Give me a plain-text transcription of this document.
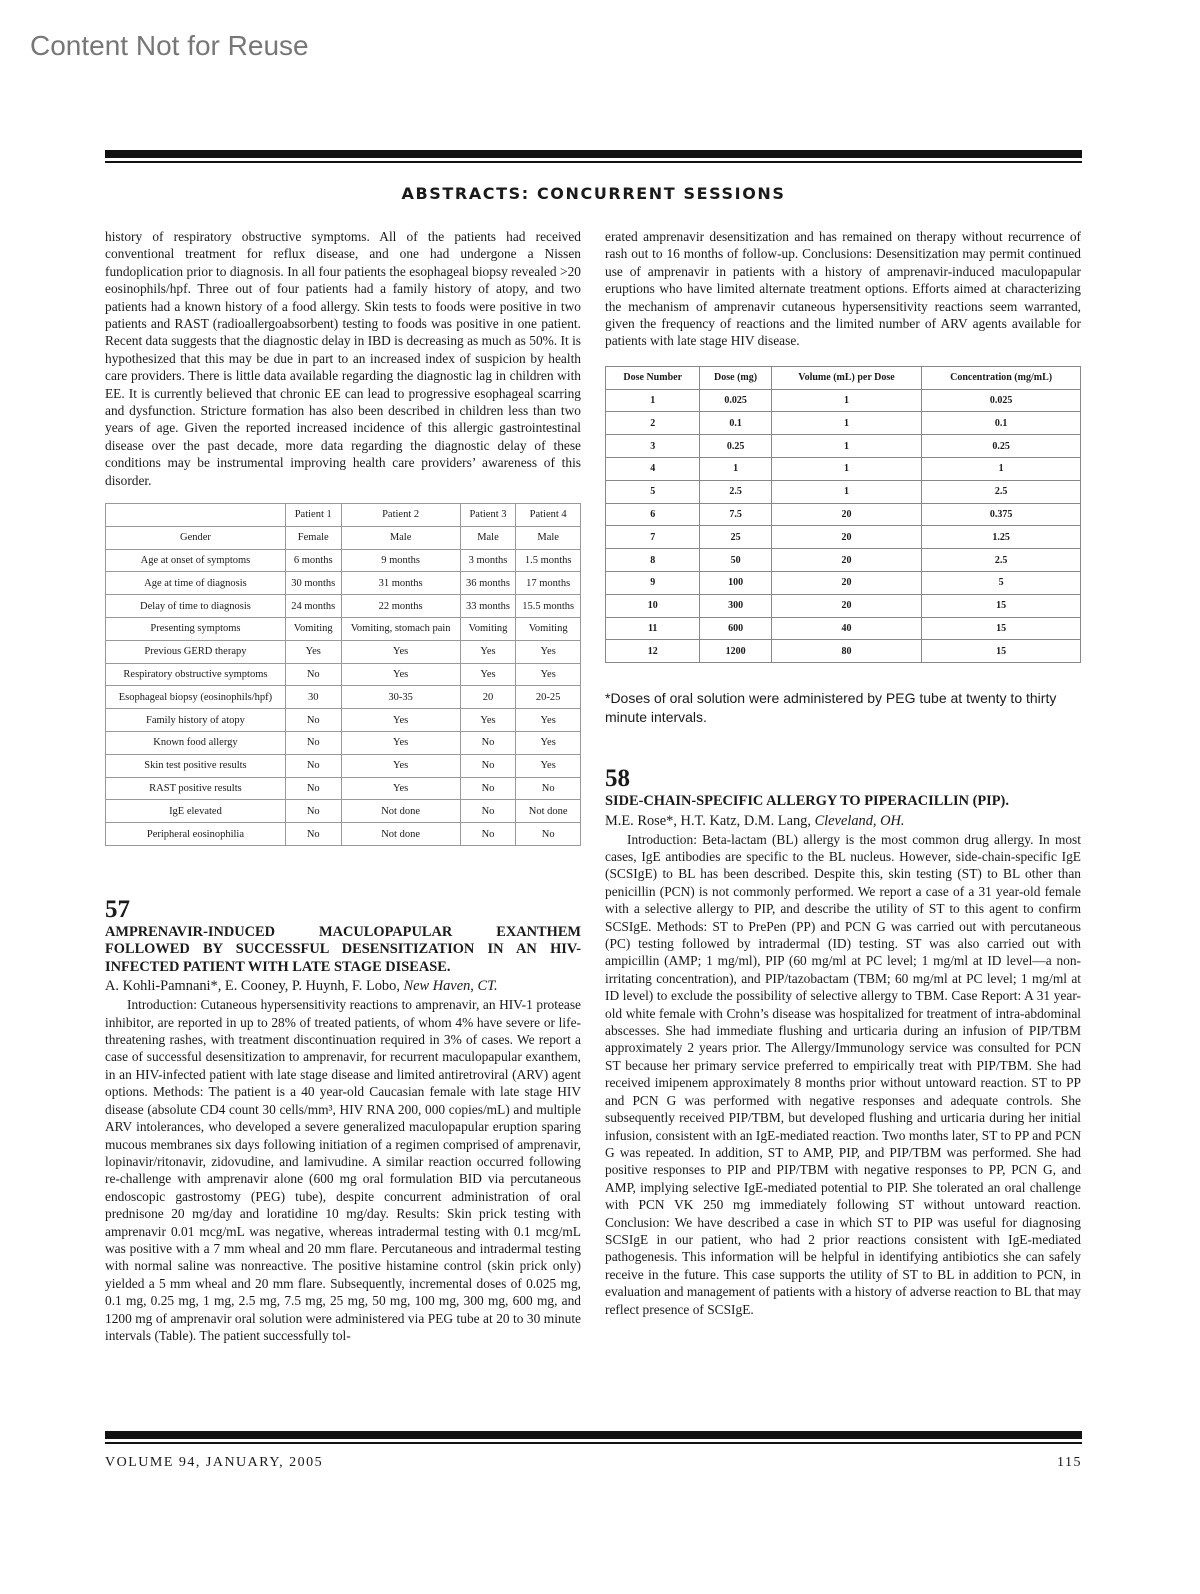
Content Not for Reuse
ABSTRACTS: CONCURRENT SESSIONS

history of respiratory obstructive symptoms. All of the patients had received conventional treatment for reflux disease, and one had undergone a Nissen fundoplication prior to diagnosis. In all four patients the esophageal biopsy revealed >20 eosinophils/hpf. Three out of four patients had a family history of atopy, and two patients had a known history of a food allergy. Skin tests to foods were positive in two patients and RAST (radioallergoabsorbent) testing to foods was positive in one patient. Recent data suggests that the diagnostic delay in IBD is decreasing as much as 50%. It is hypothesized that this may be due in part to an increased index of suspicion by health care providers. There is little data available regarding the diagnostic lag in children with EE. It is currently believed that chronic EE can lead to progressive esophageal scarring and dysfunction. Stricture formation has also been described in children less than two years of age. Given the reported increased incidence of this allergic gastrointestinal disease over the past decade, more data regarding the diagnostic delay of these conditions may be instrumental improving health care providers’ awareness of this disorder.

	Patient 1	Patient 2	Patient 3	Patient 4
Gender	Female	Male	Male	Male
Age at onset of symptoms	6 months	9 months	3 months	1.5 months
Age at time of diagnosis	30 months	31 months	36 months	17 months
Delay of time to diagnosis	24 months	22 months	33 months	15.5 months
Presenting symptoms	Vomiting	Vomiting, stomach pain	Vomiting	Vomiting
Previous GERD therapy	Yes	Yes	Yes	Yes
Respiratory obstructive symptoms	No	Yes	Yes	Yes
Esophageal biopsy (eosinophils/hpf)	30	30-35	20	20-25
Family history of atopy	No	Yes	Yes	Yes
Known food allergy	No	Yes	No	Yes
Skin test positive results	No	Yes	No	Yes
RAST positive results	No	Yes	No	No
IgE elevated	No	Not done	No	Not done
Peripheral eosinophilia	No	Not done	No	No

57

AMPRENAVIR-INDUCED MACULOPAPULAR EXANTHEM FOLLOWED BY SUCCESSFUL DESENSITIZATION IN AN HIV-INFECTED PATIENT WITH LATE STAGE DISEASE.

A. Kohli-Pamnani*, E. Cooney, P. Huynh, F. Lobo, New Haven, CT.

Introduction: Cutaneous hypersensitivity reactions to amprenavir, an HIV-1 protease inhibitor, are reported in up to 28% of treated patients, of whom 4% have severe or life-threatening rashes, with treatment discontinuation required in 3% of cases. We report a case of successful desensitization to amprenavir, for recurrent maculopapular exanthem, in an HIV-infected patient with late stage disease and limited antiretroviral (ARV) agent options. Methods: The patient is a 40 year-old Caucasian female with late stage HIV disease (absolute CD4 count 30 cells/mm³, HIV RNA 200, 000 copies/mL) and multiple ARV intolerances, who developed a severe generalized maculopapular eruption sparing mucous membranes six days following initiation of a regimen comprised of amprenavir, lopinavir/ritonavir, zidovudine, and lamivudine. A similar reaction occurred following re-challenge with amprenavir alone (600 mg oral formulation BID via percutaneous endoscopic gastrostomy (PEG) tube), despite concurrent administration of oral prednisone 20 mg/day and loratidine 10 mg/day. Results: Skin prick testing with amprenavir 0.01 mcg/mL was negative, whereas intradermal testing with 0.1 mcg/mL was positive with a 7 mm wheal and 20 mm flare. Percutaneous and intradermal testing with normal saline was nonreactive. The positive histamine control (skin prick only) yielded a 5 mm wheal and 20 mm flare. Subsequently, incremental doses of 0.025 mg, 0.1 mg, 0.25 mg, 1 mg, 2.5 mg, 7.5 mg, 25 mg, 50 mg, 100 mg, 300 mg, 600 mg, and 1200 mg of amprenavir oral solution were administered via PEG tube at 20 to 30 minute intervals (Table). The patient successfully tol-

erated amprenavir desensitization and has remained on therapy without recurrence of rash out to 16 months of follow-up. Conclusions: Desensitization may permit continued use of amprenavir in patients with a history of amprenavir-induced maculopapular eruptions who have limited alternate treatment options. Efforts aimed at characterizing the mechanism of amprenavir cutaneous hypersensitivity reactions seem warranted, given the frequency of reactions and the limited number of ARV agents available for patients with late stage HIV disease.

Dose Number	Dose (mg)	Volume (mL) per Dose	Concentration (mg/mL)
1	0.025	1	0.025
2	0.1	1	0.1
3	0.25	1	0.25
4	1	1	1
5	2.5	1	2.5
6	7.5	20	0.375
7	25	20	1.25
8	50	20	2.5
9	100	20	5
10	300	20	15
11	600	40	15
12	1200	80	15

*Doses of oral solution were administered by PEG tube at twenty to thirty minute intervals.

58

SIDE-CHAIN-SPECIFIC ALLERGY TO PIPERACILLIN (PIP).

M.E. Rose*, H.T. Katz, D.M. Lang, Cleveland, OH.

Introduction: Beta-lactam (BL) allergy is the most common drug allergy. In most cases, IgE antibodies are specific to the BL nucleus. However, side-chain-specific IgE (SCSIgE) to BL has been described. Despite this, skin testing (ST) to BL other than penicillin (PCN) is not commonly performed. We report a case of a 31 year-old female with a selective allergy to PIP, and describe the utility of ST to this agent to confirm SCSIgE. Methods: ST to PrePen (PP) and PCN G was carried out with percutaneous (PC) testing followed by intradermal (ID) testing. ST was also carried out with ampicillin (AMP; 1 mg/ml), PIP (60 mg/ml at PC level; 1 mg/ml at ID level—a non-irritating concentration), and PIP/tazobactam (TBM; 60 mg/ml at PC level; 1 mg/ml at ID level) to exclude the possibility of selective allergy to TBM. Case Report: A 31 year-old white female with Crohn’s disease was hospitalized for treatment of intra-abdominal abscesses. She had immediate flushing and urticaria during an infusion of PIP/TBM approximately 2 years prior. The Allergy/Immunology service was consulted for PCN ST because her primary service preferred to empirically treat with PIP/TBM. She had received imipenem approximately 8 months prior without untoward reaction. ST to PP and PCN G was performed with negative responses and adequate controls. She subsequently received PIP/TBM, but developed flushing and urticaria during her initial infusion, consistent with an IgE-mediated reaction. Two months later, ST to PP and PCN G was repeated. In addition, ST to AMP, PIP, and PIP/TBM was performed. She had positive responses to PIP and PIP/TBM with negative responses to PP, PCN G, and AMP, implying selective IgE-mediated potential to PIP. She tolerated an oral challenge with PCN VK 250 mg immediately following ST without untoward reaction. Conclusion: We have described a case in which ST to PIP was useful for diagnosing SCSIgE in our patient, who had 2 prior reactions consistent with IgE-mediated pathogenesis. This information will be helpful in identifying antibiotics she can safely receive in the future. This case supports the utility of ST to BL in addition to PCN, in evaluation and management of patients with a history of adverse reaction to BL that may reflect presence of SCSIgE.

VOLUME 94, JANUARY, 2005	115
